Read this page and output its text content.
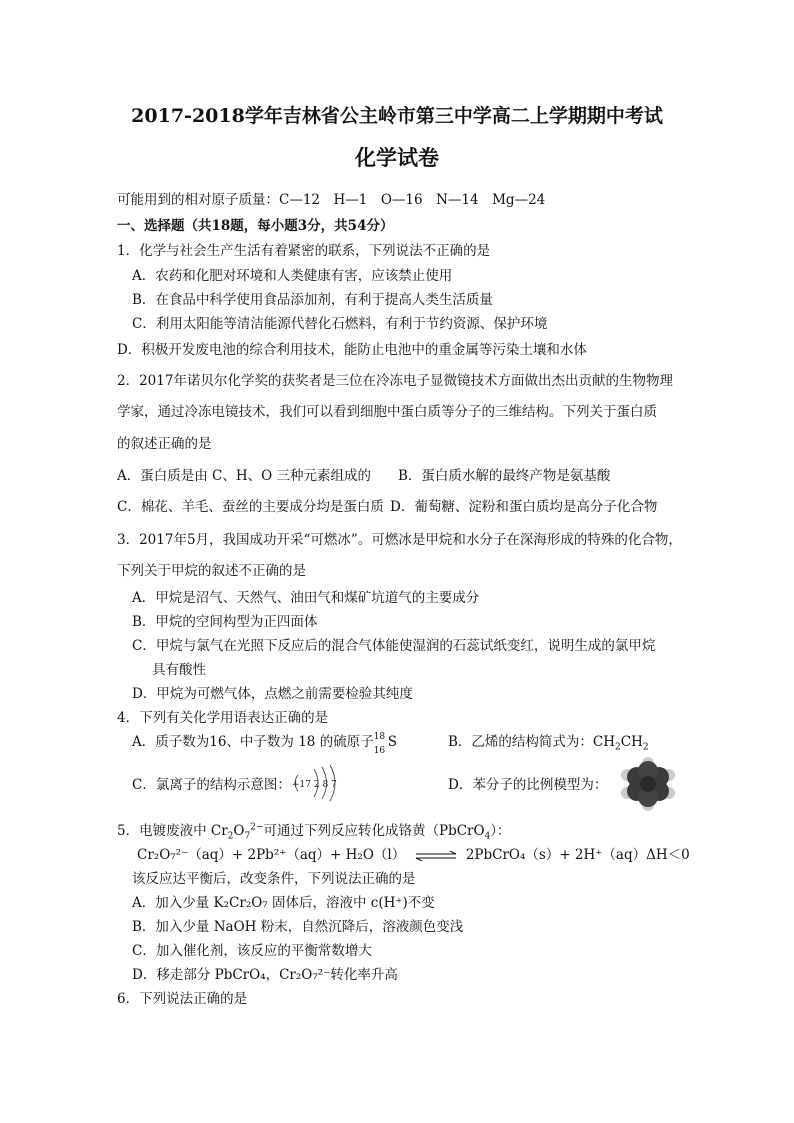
2017-2018学年吉林省公主岭市第三中学高二上学期期中考试
化学试卷
可能用到的相对原子质量：C—12　H—1　O—16　N—14　Mg—24
一、选择题（共18题，每小题3分，共54分）
1．化学与社会生产生活有着紧密的联系，下列说法不正确的是
A．农药和化肥对环境和人类健康有害，应该禁止使用
B．在食品中科学使用食品添加剂，有利于提高人类生活质量
C．利用太阳能等清洁能源代替化石燃料，有利于节约资源、保护环境
D．积极开发废电池的综合利用技术，能防止电池中的重金属等污染土壤和水体
2．2017年诺贝尔化学奖的获奖者是三位在冷冻电子显微镜技术方面做出杰出贡献的生物物理
学家，通过冷冻电镜技术，我们可以看到细胞中蛋白质等分子的三维结构。下列关于蛋白质
的叙述正确的是
A．蛋白质是由 C、H、O 三种元素组成的 B．蛋白质水解的最终产物是氨基酸
C．棉花、羊毛、蚕丝的主要成分均是蛋白质 D．葡萄糖、淀粉和蛋白质均是高分子化合物
3．2017年5月，我国成功开采“可燃冰”。可燃冰是甲烷和水分子在深海形成的特殊的化合物，
下列关于甲烷的叙述不正确的是
A．甲烷是沼气、天然气、油田气和煤矿坑道气的主要成分
B．甲烷的空间构型为正四面体
C．甲烷与氯气在光照下反应后的混合气体能使湿润的石蕊试纸变红，说明生成的氯甲烷
具有酸性
D．甲烷为可燃气体，点燃之前需要检验其纯度
4．下列有关化学用语表达正确的是
A．质子数为16、中子数为 18 的硫原子 18
16
S	B．乙烯的结构简式为：$CH_2CH_2$
C．氯离子的结构示意图： +17 2 8 7	D．苯分子的比例模型为：
5．电镀废液中 $Cr_2O_7^{2-}$可通过下列反应转化成铬黄（PbCrO$_4$）：
Cr₂O₇²⁻（aq）+ 2Pb²⁺（aq）+ H₂O（l） ⇌ 2PbCrO₄（s）+ 2H⁺（aq）ΔH＜0
该反应达平衡后，改变条件，下列说法正确的是
A．加入少量 K₂Cr₂O₇ 固体后，溶液中 c(H⁺)不变
B．加入少量 NaOH 粉末，自然沉降后，溶液颜色变浅
C．加入催化剂，该反应的平衡常数增大
D．移走部分 PbCrO₄，Cr₂O₇²⁻转化率升高
6．下列说法正确的是
